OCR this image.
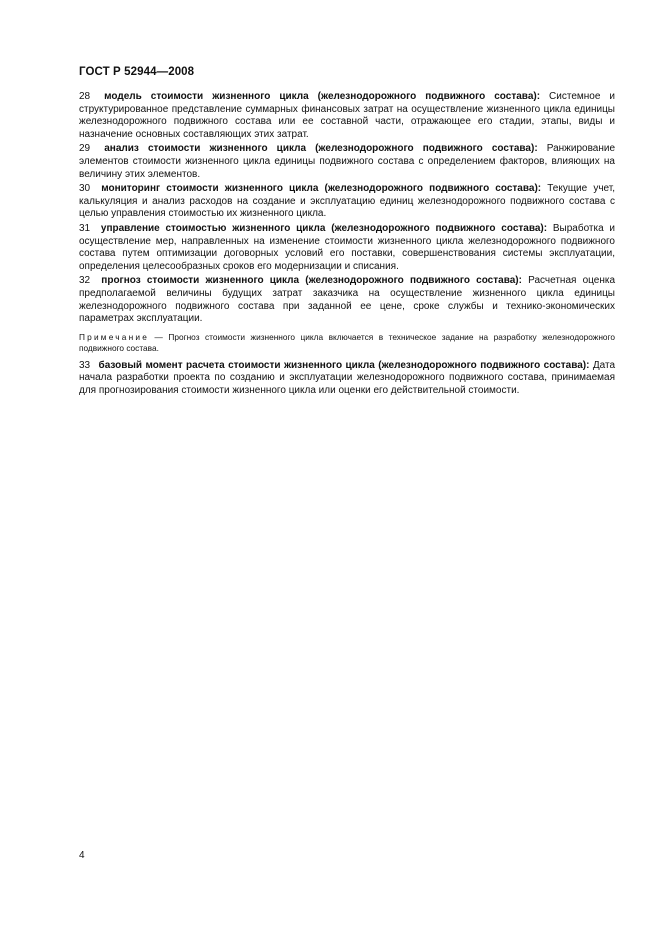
ГОСТ Р 52944—2008

28 модель стоимости жизненного цикла (железнодорожного подвижного состава): Системное и структурированное представление суммарных финансовых затрат на осуществление жизненного цикла единицы железнодорожного подвижного состава или ее составной части, отражающее его стадии, этапы, виды и назначение основных составляющих этих затрат.

29 анализ стоимости жизненного цикла (железнодорожного подвижного состава): Ранжирование элементов стоимости жизненного цикла единицы подвижного состава с определением факторов, влияющих на величину этих элементов.

30 мониторинг стоимости жизненного цикла (железнодорожного подвижного состава): Текущие учет, калькуляция и анализ расходов на создание и эксплуатацию единиц железнодорожного подвижного состава с целью управления стоимостью их жизненного цикла.

31 управление стоимостью жизненного цикла (железнодорожного подвижного состава): Выработка и осуществление мер, направленных на изменение стоимости жизненного цикла железнодорожного подвижного состава путем оптимизации договорных условий его поставки, совершенствования системы эксплуатации, определения целесообразных сроков его модернизации и списания.

32 прогноз стоимости жизненного цикла (железнодорожного подвижного состава): Расчетная оценка предполагаемой величины будущих затрат заказчика на осуществление жизненного цикла единицы железнодорожного подвижного состава при заданной ее цене, сроке службы и технико-экономических параметрах эксплуатации.

Примечание — Прогноз стоимости жизненного цикла включается в техническое задание на разработку железнодорожного подвижного состава.

33 базовый момент расчета стоимости жизненного цикла (железнодорожного подвижного состава): Дата начала разработки проекта по созданию и эксплуатации железнодорожного подвижного состава, принимаемая для прогнозирования стоимости жизненного цикла или оценки его действительной стоимости.

4
